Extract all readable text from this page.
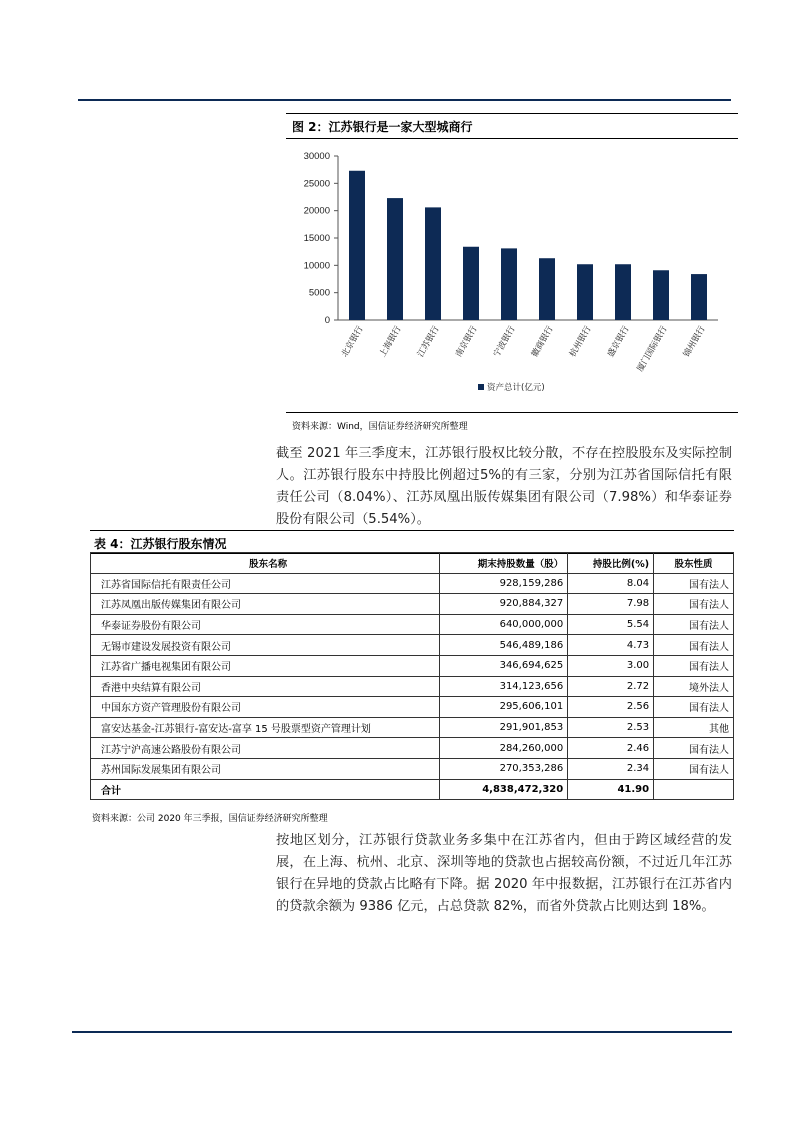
图 2：江苏银行是一家大型城商行
0
5000
10000
15000
20000
25000
30000
北京银行 上海银行 江苏银行 南京银行 宁波银行 徽商银行 杭州银行 盛京银行 厦门国际银行 锦州银行
资产总计(亿元)
资料来源：Wind，国信证券经济研究所整理
截至 2021 年三季度末，江苏银行股权比较分散，不存在控股股东及实际控制人。江苏银行股东中持股比例超过5%的有三家，分别为江苏省国际信托有限责任公司（8.04%）、江苏凤凰出版传媒集团有限公司（7.98%）和华泰证券股份有限公司（5.54%）。
表 4：江苏银行股东情况
股东名称	期末持股数量（股）	持股比例(%)	股东性质
江苏省国际信托有限责任公司	928,159,286	8.04	国有法人
江苏凤凰出版传媒集团有限公司	920,884,327	7.98	国有法人
华泰证券股份有限公司	640,000,000	5.54	国有法人
无锡市建设发展投资有限公司	546,489,186	4.73	国有法人
江苏省广播电视集团有限公司	346,694,625	3.00	国有法人
香港中央结算有限公司	314,123,656	2.72	境外法人
中国东方资产管理股份有限公司	295,606,101	2.56	国有法人
富安达基金-江苏银行-富安达-富享 15 号股票型资产管理计划	291,901,853	2.53	其他
江苏宁沪高速公路股份有限公司	284,260,000	2.46	国有法人
苏州国际发展集团有限公司	270,353,286	2.34	国有法人
合计	4,838,472,320	41.90	
资料来源：公司 2020 年三季报，国信证券经济研究所整理
按地区划分，江苏银行贷款业务多集中在江苏省内，但由于跨区域经营的发展，在上海、杭州、北京、深圳等地的贷款也占据较高份额，不过近几年江苏银行在异地的贷款占比略有下降。据 2020 年中报数据，江苏银行在江苏省内的贷款余额为 9386 亿元，占总贷款 82%，而省外贷款占比则达到 18%。
